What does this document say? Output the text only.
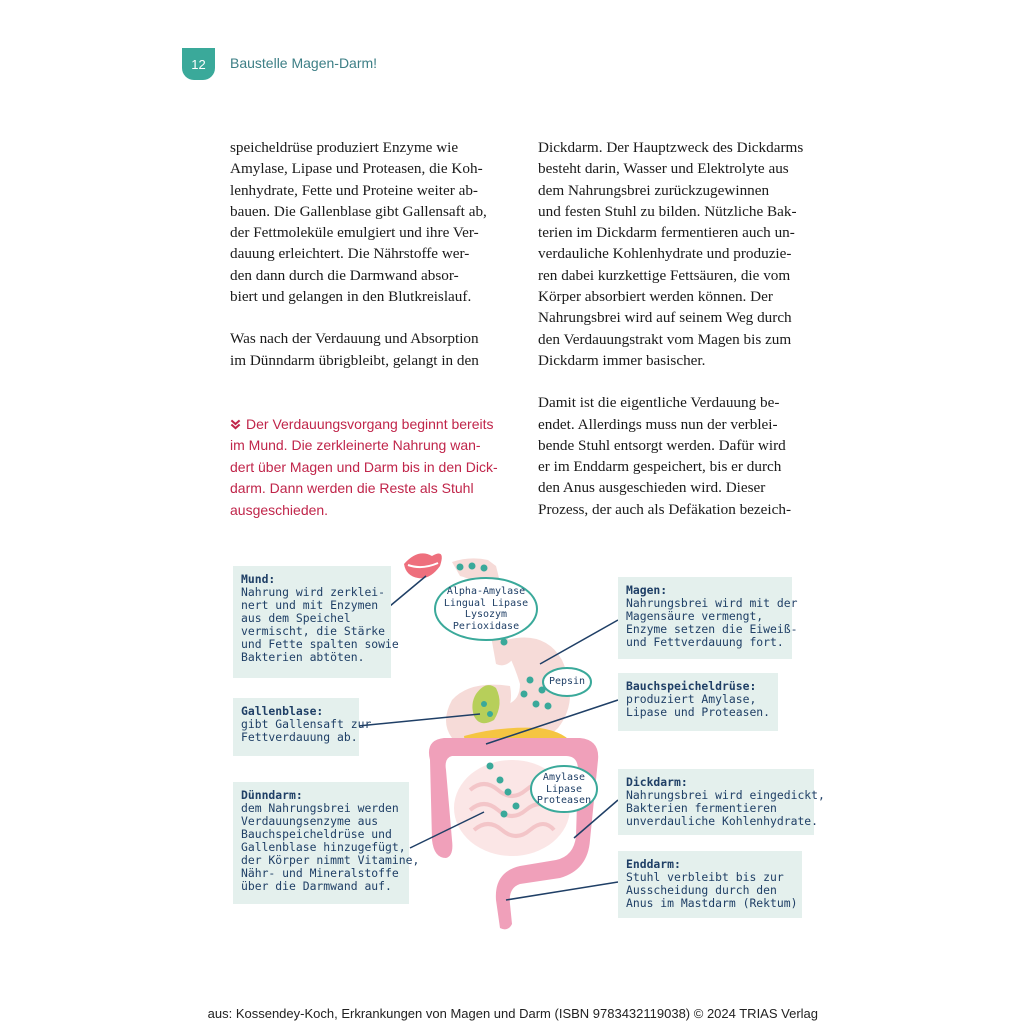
12	Baustelle Magen-Darm!

speicheldrüse produziert Enzyme wie
Amylase, Lipase und Proteasen, die Koh-
lenhydrate, Fette und Proteine weiter ab-
bauen. Die Gallenblase gibt Gallensaft ab,
der Fettmoleküle emulgiert und ihre Ver-
dauung erleichtert. Die Nährstoffe wer-
den dann durch die Darmwand absor-
biert und gelangen in den Blutkreislauf.

Was nach der Verdauung und Absorption
im Dünndarm übrigbleibt, gelangt in den

Dickdarm. Der Hauptzweck des Dickdarms
besteht darin, Wasser und Elektrolyte aus
dem Nahrungsbrei zurückzugewinnen
und festen Stuhl zu bilden. Nützliche Bak-
terien im Dickdarm fermentieren auch un-
verdauliche Kohlenhydrate und produzie-
ren dabei kurzkettige Fettsäuren, die vom
Körper absorbiert werden können. Der
Nahrungsbrei wird auf seinem Weg durch
den Verdauungstrakt vom Magen bis zum
Dickdarm immer basischer.

Damit ist die eigentliche Verdauung be-
endet. Allerdings muss nun der verblei-
bende Stuhl entsorgt werden. Dafür wird
er im Enddarm gespeichert, bis er durch
den Anus ausgeschieden wird. Dieser
Prozess, der auch als Defäkation bezeich-

Der Verdauungsvorgang beginnt bereits
im Mund. Die zerkleinerte Nahrung wan-
dert über Magen und Darm bis in den Dick-
darm. Dann werden die Reste als Stuhl
ausgeschieden.
Alpha-Amylase
Lingual Lipase
Lysozym
Perioxidase
Pepsin
Amylase
Lipase
Proteasen
Mund:
Nahrung wird zerklei-
nert und mit Enzymen
aus dem Speichel
vermischt, die Stärke
und Fette spalten sowie
Bakterien abtöten.
Gallenblase:
gibt Gallensaft zur
Fettverdauung ab.
Dünndarm:
dem Nahrungsbrei werden
Verdauungsenzyme aus
Bauchspeicheldrüse und
Gallenblase hinzugefügt,
der Körper nimmt Vitamine,
Nähr- und Mineralstoffe
über die Darmwand auf.
Magen:
Nahrungsbrei wird mit der
Magensäure vermengt,
Enzyme setzen die Eiweiß-
und Fettverdauung fort.
Bauchspeicheldrüse:
produziert Amylase,
Lipase und Proteasen.
Dickdarm:
Nahrungsbrei wird eingedickt,
Bakterien fermentieren
unverdauliche Kohlenhydrate.
Enddarm:
Stuhl verbleibt bis zur
Ausscheidung durch den
Anus im Mastdarm (Rektum)
aus: Kossendey-Koch, Erkrankungen von Magen und Darm (ISBN 9783432119038) © 2024 TRIAS Verlag
